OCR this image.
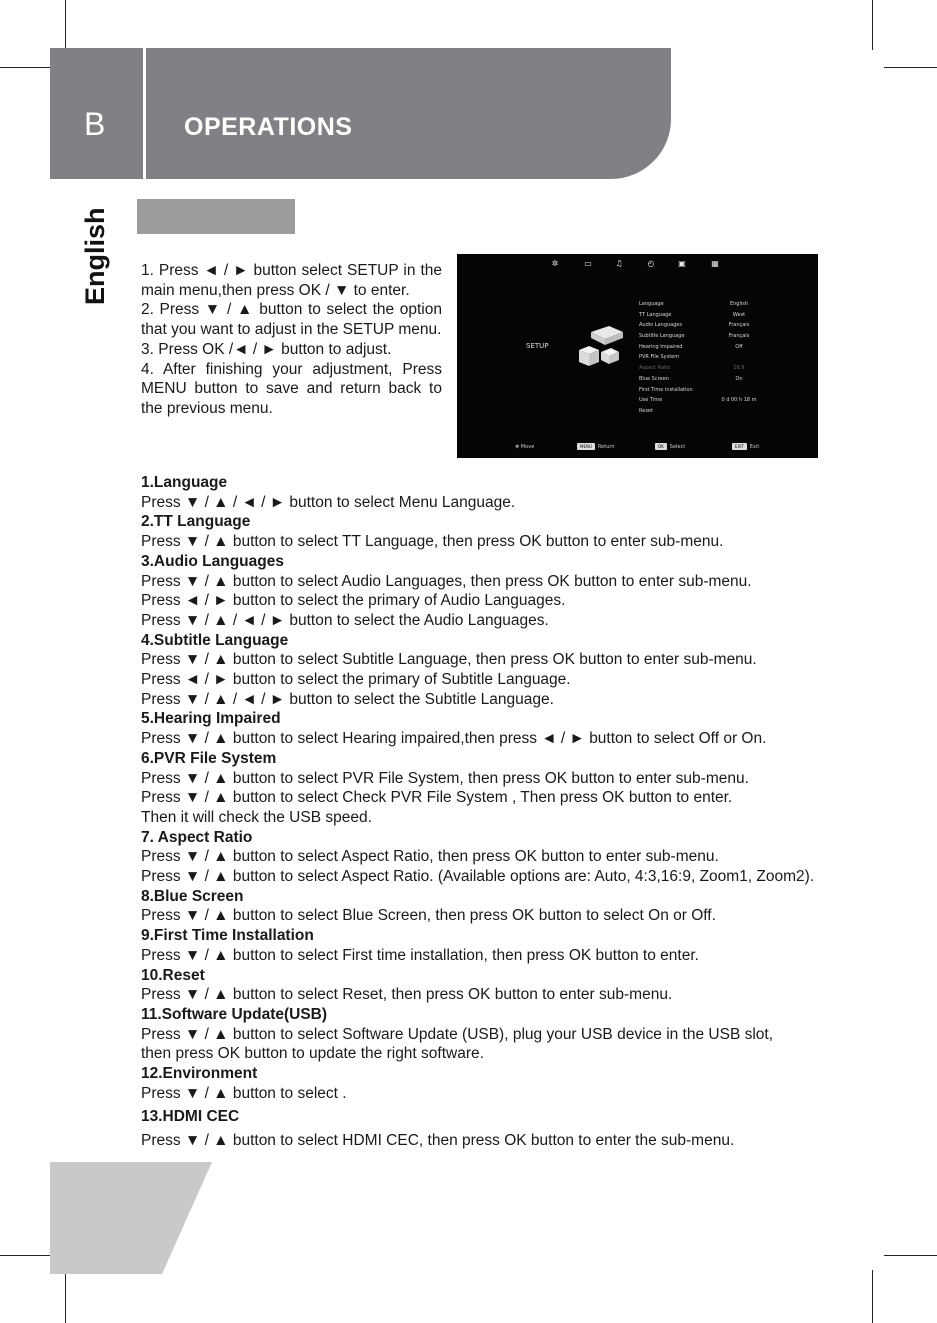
B	OPERATIONS
English 1. Press ◄ / ► button select SETUP in the main menu,then press OK / ▼ to enter.

2. Press ▼ / ▲ button to select the option that you want to adjust in the SETUP menu.

3. Press OK /◄ / ► button to adjust.

4. After finishing your adjustment, Press MENU button to save and return back to the previous menu.

✲	▭	♫	◴	▣	▦
SETUP
Language	English
TT Language	West
Audio Languages	Français
Subtitle Language	Français
Hearing Impaired	Off
PVR File System
Aspect Ratio	16:9
Blue Screen	On
First Time Installation
Use Time	0 d 00 h 18 m
Reset
✥ Move	MENU Return	OK Select	EXIT Exit
1.Language
Press ▼ / ▲ / ◄ / ► button to select Menu Language.
2.TT Language
Press ▼ / ▲ button to select TT Language, then press OK button to enter sub-menu.
3.Audio Languages
Press ▼ / ▲ button to select Audio Languages, then press OK button to enter sub-menu.
Press ◄ / ► button to select the primary of Audio Languages.
Press ▼ / ▲ / ◄ / ► button to select the Audio Languages.
4.Subtitle Language
Press ▼ / ▲ button to select Subtitle Language, then press OK button to enter sub-menu.
Press ◄ / ► button to select the primary of Subtitle Language.
Press ▼ / ▲ / ◄ / ► button to select the Subtitle Language.
5.Hearing Impaired
Press ▼ / ▲ button to select Hearing impaired,then press ◄ / ► button to select Off or On.
6.PVR File System
Press ▼ / ▲ button to select PVR File System, then press OK button to enter sub-menu.
Press ▼ / ▲ button to select Check PVR File System , Then press OK button to enter.
Then it will check the USB speed.
7. Aspect Ratio
Press ▼ / ▲ button to select Aspect Ratio, then press OK button to enter sub-menu.
Press ▼ / ▲ button to select Aspect Ratio. (Available options are: Auto, 4:3,16:9, Zoom1, Zoom2).
8.Blue Screen
Press ▼ / ▲ button to select Blue Screen, then press OK button to select On or Off.
9.First Time Installation
Press ▼ / ▲ button to select First time installation, then press OK button to enter.
10.Reset
Press ▼ / ▲ button to select Reset, then press OK button to enter sub-menu.
11.Software Update(USB)
Press ▼ / ▲ button to select Software Update (USB), plug your USB device in the USB slot,
then press OK button to update the right software.
12.Environment
Press ▼ / ▲ button to select .
13.HDMI CEC
Press ▼ / ▲ button to select HDMI CEC, then press OK button to enter the sub-menu.
